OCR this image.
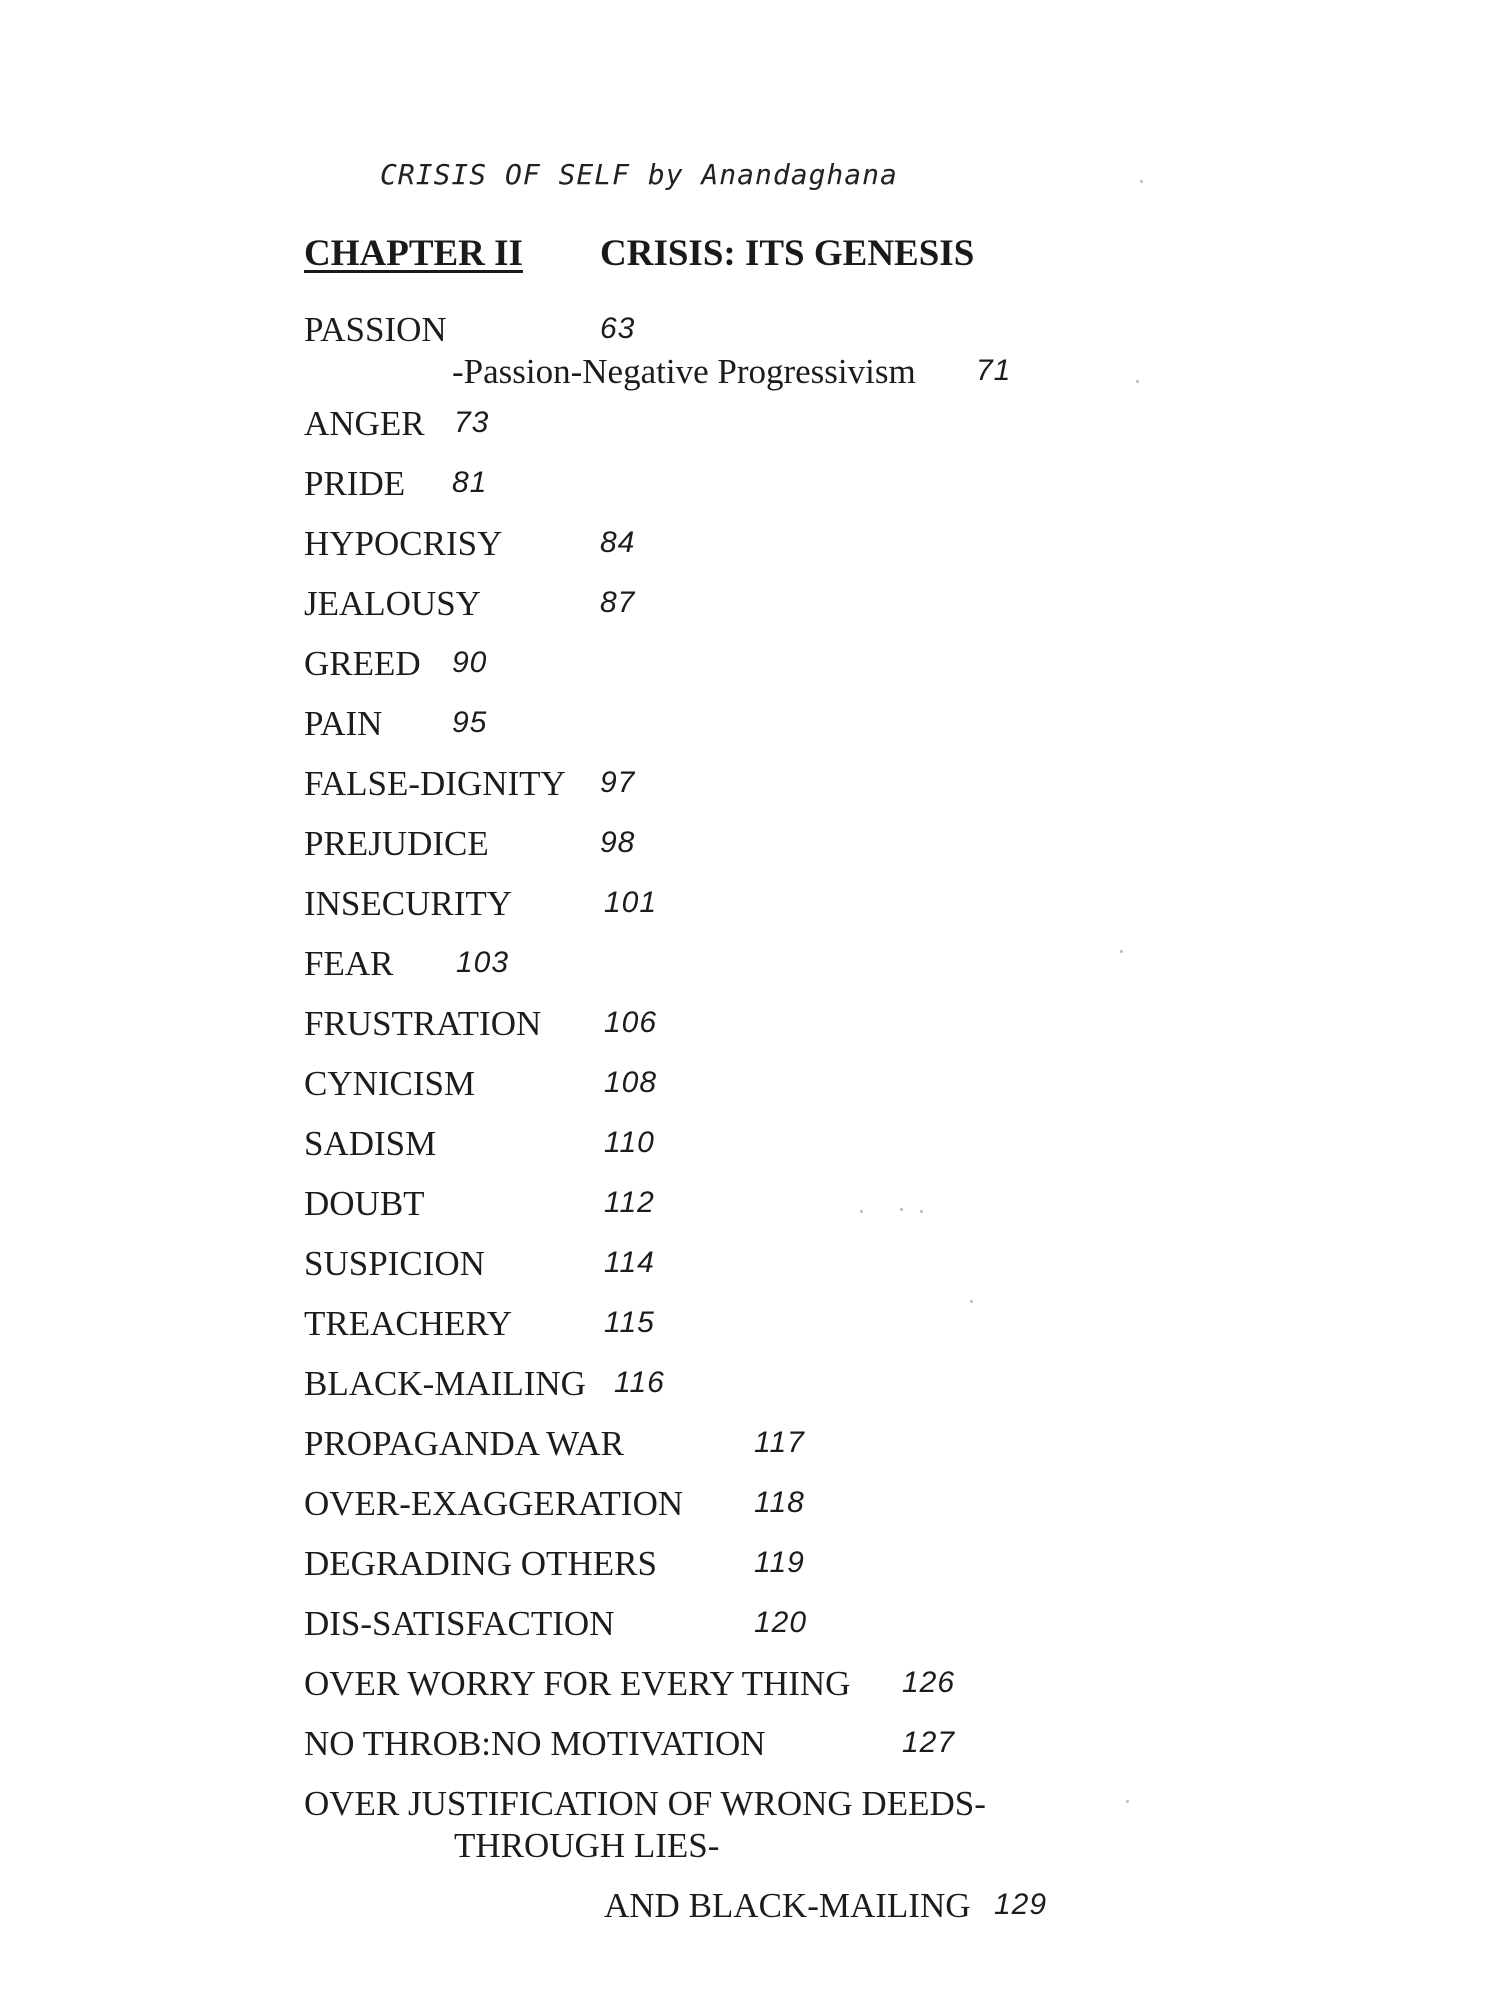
CRISIS OF SELF by Anandaghana
CHAPTER II CRISIS: ITS GENESIS
PASSION	63
-Passion-Negative Progressivism 71
ANGER 73
PRIDE 81
HYPOCRISY	84
JEALOUSY	87
GREED 90
PAIN 95
FALSE-DIGNITY 97
PREJUDICE	98
INSECURITY	101
FEAR 103
FRUSTRATION 106
CYNICISM	108
SADISM	110
DOUBT	112
SUSPICION	114
TREACHERY	115
BLACK-MAILING 116
PROPAGANDA WAR	117
OVER-EXAGGERATION 118
DEGRADING OTHERS	119
DIS-SATISFACTION	120
OVER WORRY FOR EVERY THING 126
NO THROB:NO MOTIVATION	127
OVER JUSTIFICATION OF WRONG DEEDS-
THROUGH LIES-
AND BLACK-MAILING 129
